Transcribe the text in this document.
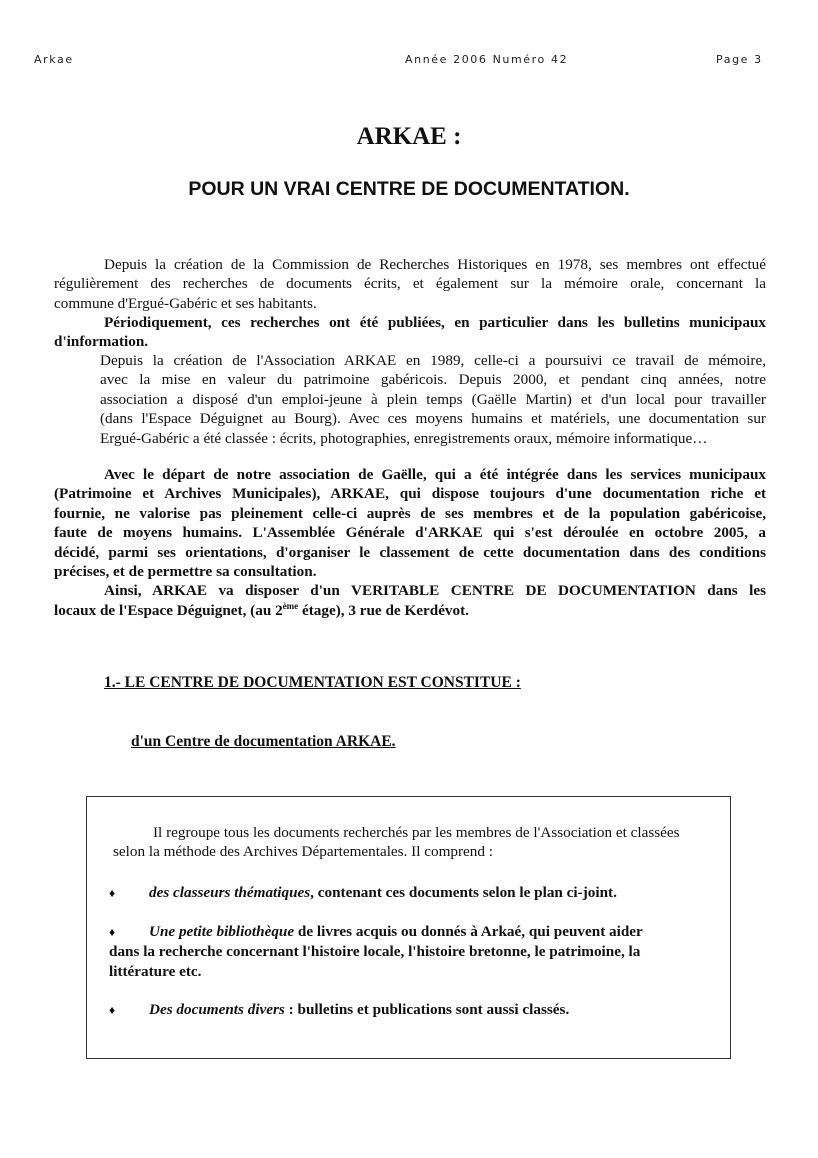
Arkae	Année 2006 Numéro 42	Page 3
ARKAE :
POUR UN VRAI CENTRE DE DOCUMENTATION.
Depuis la création de la Commission de Recherches Historiques en 1978, ses membres ont effectué
régulièrement des recherches de documents écrits, et également sur la mémoire orale, concernant la
commune d'Ergué-Gabéric et ses habitants.
Périodiquement, ces recherches ont été publiées, en particulier dans les bulletins municipaux
d'information.
Depuis la création de l'Association ARKAE en 1989, celle-ci a poursuivi ce travail de mémoire,
avec la mise en valeur du patrimoine gabéricois. Depuis 2000, et pendant cinq années, notre
association a disposé d'un emploi-jeune à plein temps (Gaëlle Martin) et d'un local pour travailler
(dans l'Espace Déguignet au Bourg). Avec ces moyens humains et matériels, une documentation sur
Ergué-Gabéric a été classée : écrits, photographies, enregistrements oraux, mémoire informatique…
Avec le départ de notre association de Gaëlle, qui a été intégrée dans les services municipaux
(Patrimoine et Archives Municipales), ARKAE, qui dispose toujours d'une documentation riche et
fournie, ne valorise pas pleinement celle-ci auprès de ses membres et de la population gabéricoise,
faute de moyens humains. L'Assemblée Générale d'ARKAE qui s'est déroulée en octobre 2005, a
décidé, parmi ses orientations, d'organiser le classement de cette documentation dans des conditions
précises, et de permettre sa consultation.
Ainsi, ARKAE va disposer d'un VERITABLE CENTRE DE DOCUMENTATION dans les
locaux de l'Espace Déguignet, (au 2ème étage), 3 rue de Kerdévot.
1.- LE CENTRE DE DOCUMENTATION EST CONSTITUE :
d'un Centre de documentation ARKAE.
Il regroupe tous les documents recherchés par les membres de l'Association et classées
selon la méthode des Archives Départementales. Il comprend :
♦ des classeurs thématiques, contenant ces documents selon le plan ci-joint.
♦ Une petite bibliothèque de livres acquis ou donnés à Arkaé, qui peuvent aider
dans la recherche concernant l'histoire locale, l'histoire bretonne, le patrimoine, la
littérature etc.
♦ Des documents divers : bulletins et publications sont aussi classés.
